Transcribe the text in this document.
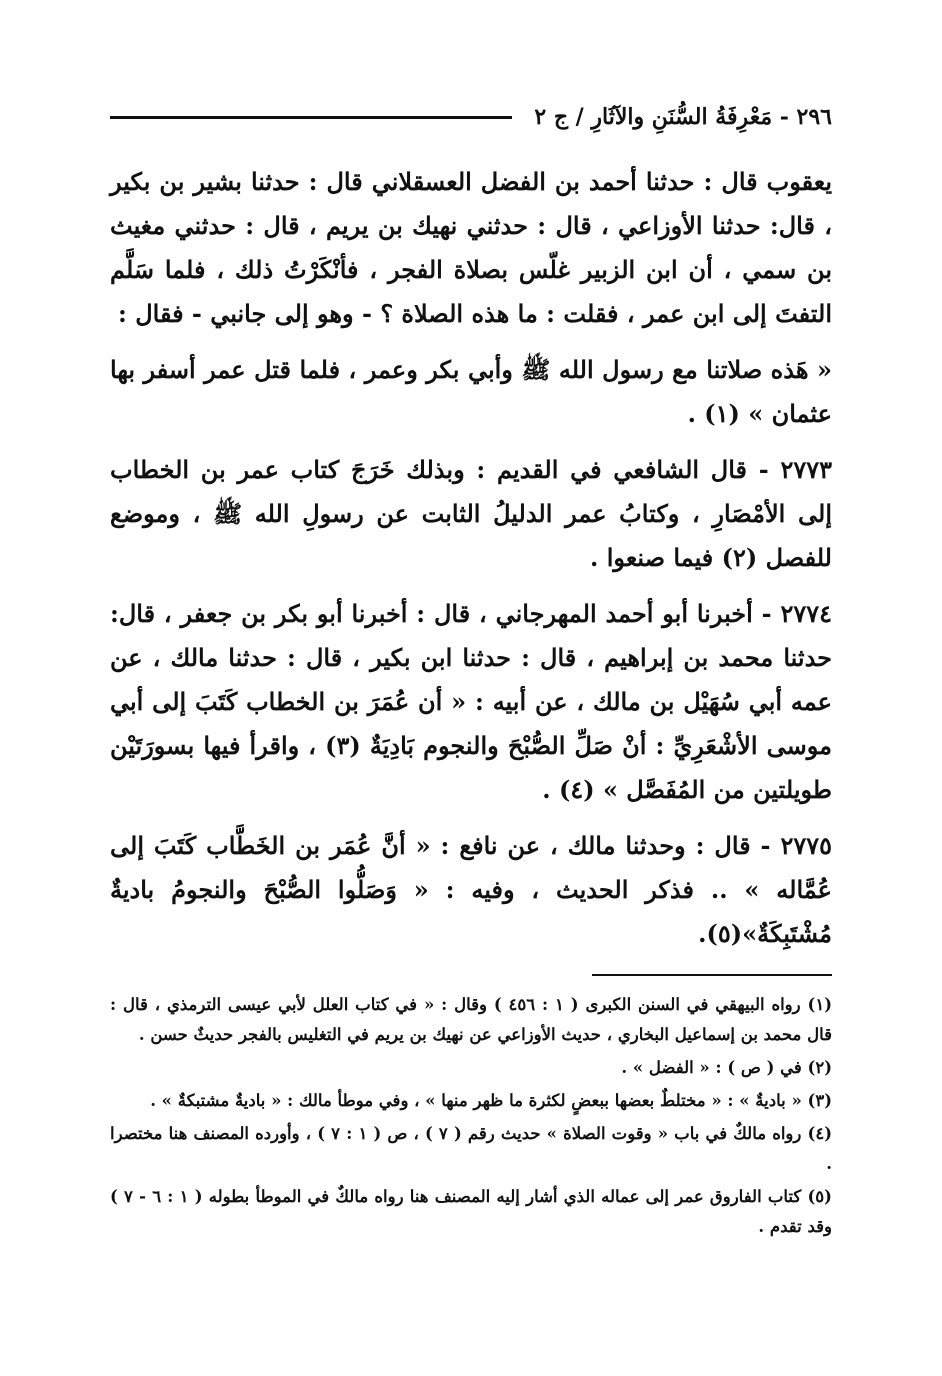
٢٩٦ - مَعْرِفَةُ السُّنَنِ والآثَارِ / ج ٢

يعقوب قال : حدثنا أحمد بن الفضل العسقلاني قال : حدثنا بشير بن بكير ، قال: حدثنا الأوزاعي ، قال : حدثني نهيك بن يريم ، قال : حدثني مغيث بن سمي ، أن ابن الزبير غلّس بصلاة الفجر ، فأنْكَرْتُ ذلك ، فلما سَلَّم التفتَ إلى ابن عمر ، فقلت : ما هذه الصلاة ؟ - وهو إلى جانبي - فقال :

« هَذه صلاتنا مع رسول الله ﷺ وأبي بكر وعمر ، فلما قتل عمر أسفر بها عثمان » (١) .

٢٧٧٣ - قال الشافعي في القديم : وبذلك خَرَجَ كتاب عمر بن الخطاب إلى الأمْصَارِ ، وكتابُ عمر الدليلُ الثابت عن رسولِ الله ﷺ ، وموضع للفصل (٢) فيما صنعوا .

٢٧٧٤ - أخبرنا أبو أحمد المهرجاني ، قال : أخبرنا أبو بكر بن جعفر ، قال: حدثنا محمد بن إبراهيم ، قال : حدثنا ابن بكير ، قال : حدثنا مالك ، عن عمه أبي سُهَيْل بن مالك ، عن أبيه : « أن عُمَرَ بن الخطاب كَتَبَ إلى أبي موسى الأشْعَرِيِّ : أنْ صَلِّ الصُّبْحَ والنجوم بَادِيَةٌ (٣) ، واقرأ فيها بسورَتَيْن طويلتين من المُفَصَّل » (٤) .

٢٧٧٥ - قال : وحدثنا مالك ، عن نافع : « أنَّ عُمَر بن الخَطَّاب كَتَبَ إلى عُمَّاله » .. فذكر الحديث ، وفيه : « وَصَلُّوا الصُّبْحَ والنجومُ باديةٌ مُشْتَبِكَةٌ»(٥).

(١) رواه البيهقي في السنن الكبرى ( ١ : ٤٥٦ ) وقال : « في كتاب العلل لأبي عيسى الترمذي ، قال : قال محمد بن إسماعيل البخاري ، حديث الأوزاعي عن نهيك بن يريم في التغليس بالفجر حديثٌ حسن .

(٢) في ( ص ) : « الفضل » .

(٣) « باديةٌ » : « مختلطٌ بعضها ببعضٍ لكثرة ما ظهر منها » ، وفي موطأ مالك : « باديةٌ مشتبكةٌ » .

(٤) رواه مالكٌ في باب « وقوت الصلاة » حديث رقم ( ٧ ) ، ص ( ١ : ٧ ) ، وأورده المصنف هنا مختصرا .

(٥) كتاب الفاروق عمر إلى عماله الذي أشار إليه المصنف هنا رواه مالكٌ في الموطأ بطوله ( ١ : ٦ - ٧ ) وقد تقدم .
